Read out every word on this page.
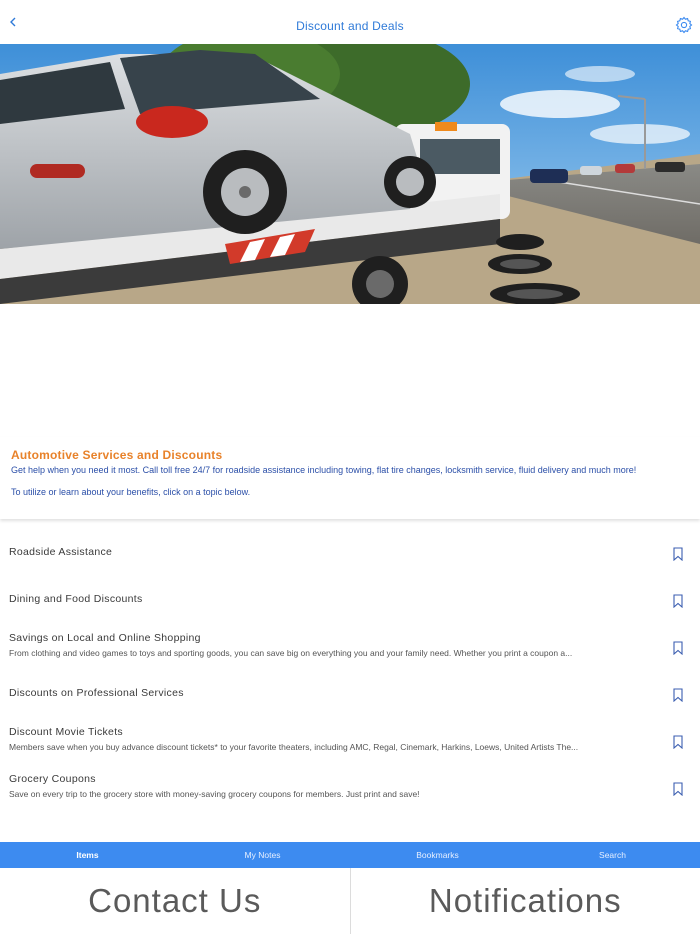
Discount and Deals
Automotive Services and Discounts
Get help when you need it most. Call toll free 24/7 for roadside assistance including towing, flat tire changes, locksmith service, fluid delivery and much more!
To utilize or learn about your benefits, click on a topic below.
Roadside Assistance
Dining and Food Discounts
Savings on Local and Online Shopping
From clothing and video games to toys and sporting goods, you can save big on everything you and your family need. Whether you print a coupon a...
Discounts on Professional Services
Discount Movie Tickets
Members save when you buy advance discount tickets* to your favorite theaters, including AMC, Regal, Cinemark, Harkins, Loews, United Artists The...
Grocery Coupons
Save on every trip to the grocery store with money-saving grocery coupons for members. Just print and save!
Items	My Notes	Bookmarks	Search
Contact Us	Notifications
